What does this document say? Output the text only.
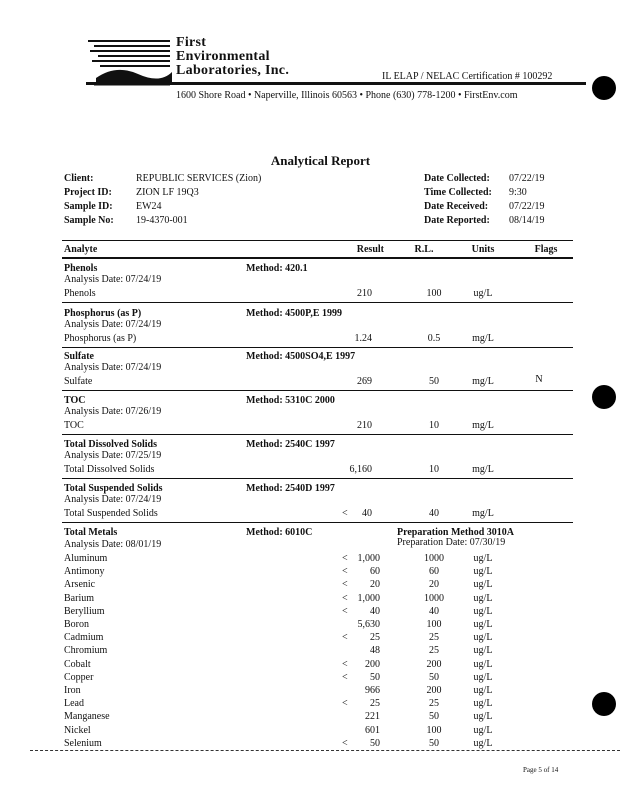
First
Environmental
Laboratories, Inc.	IL ELAP / NELAC Certification # 100292
1600 Shore Road • Naperville, Illinois 60563 • Phone (630) 778-1200 • FirstEnv.com
Analytical Report
Client:	REPUBLIC SERVICES (Zion)
Project ID: ZION LF 19Q3
Sample ID: EW24
Sample No: 19-4370-001
Date Collected: 07/22/19
Time Collected: 9:30
Date Received: 07/22/19
Date Reported: 08/14/19
Analyte	Result	R.L.	Units	Flags
Phenols	Method: 420.1
Analysis Date: 07/24/19
Phenols	210	100	ug/L
Phosphorus (as P)	Method: 4500P,E 1999
Analysis Date: 07/24/19
Phosphorus (as P)	1.24	0.5	mg/L
Sulfate	Method: 4500SO4,E 1997
Analysis Date: 07/24/19
Sulfate	269	50	mg/L	N
TOC	Method: 5310C 2000
Analysis Date: 07/26/19
TOC	210	10	mg/L
Total Dissolved Solids	Method: 2540C 1997
Analysis Date: 07/25/19
Total Dissolved Solids	6,160	10	mg/L
Total Suspended Solids	Method: 2540D 1997
Analysis Date: 07/24/19
Total Suspended Solids	<	40	40	mg/L
Total Metals	Method: 6010C
Analysis Date: 08/01/19
Preparation Method 3010A
Preparation Date: 07/30/19
Aluminum	< 1,000	1000	ug/L
Antimony	<	60	60	ug/L
Arsenic	<	20	20	ug/L
Barium	< 1,000	1000	ug/L
Beryllium	<	40	40	ug/L
Boron	5,630	100	ug/L
Cadmium	<	25	25	ug/L
Chromium	48	25	ug/L
Cobalt	<	200	200	ug/L
Copper	<	50	50	ug/L
Iron	966	200	ug/L
Lead	<	25	25	ug/L
Manganese	221	50	ug/L
Nickel	601	100	ug/L
Selenium	<	50	50	ug/L
Page 5 of 14
